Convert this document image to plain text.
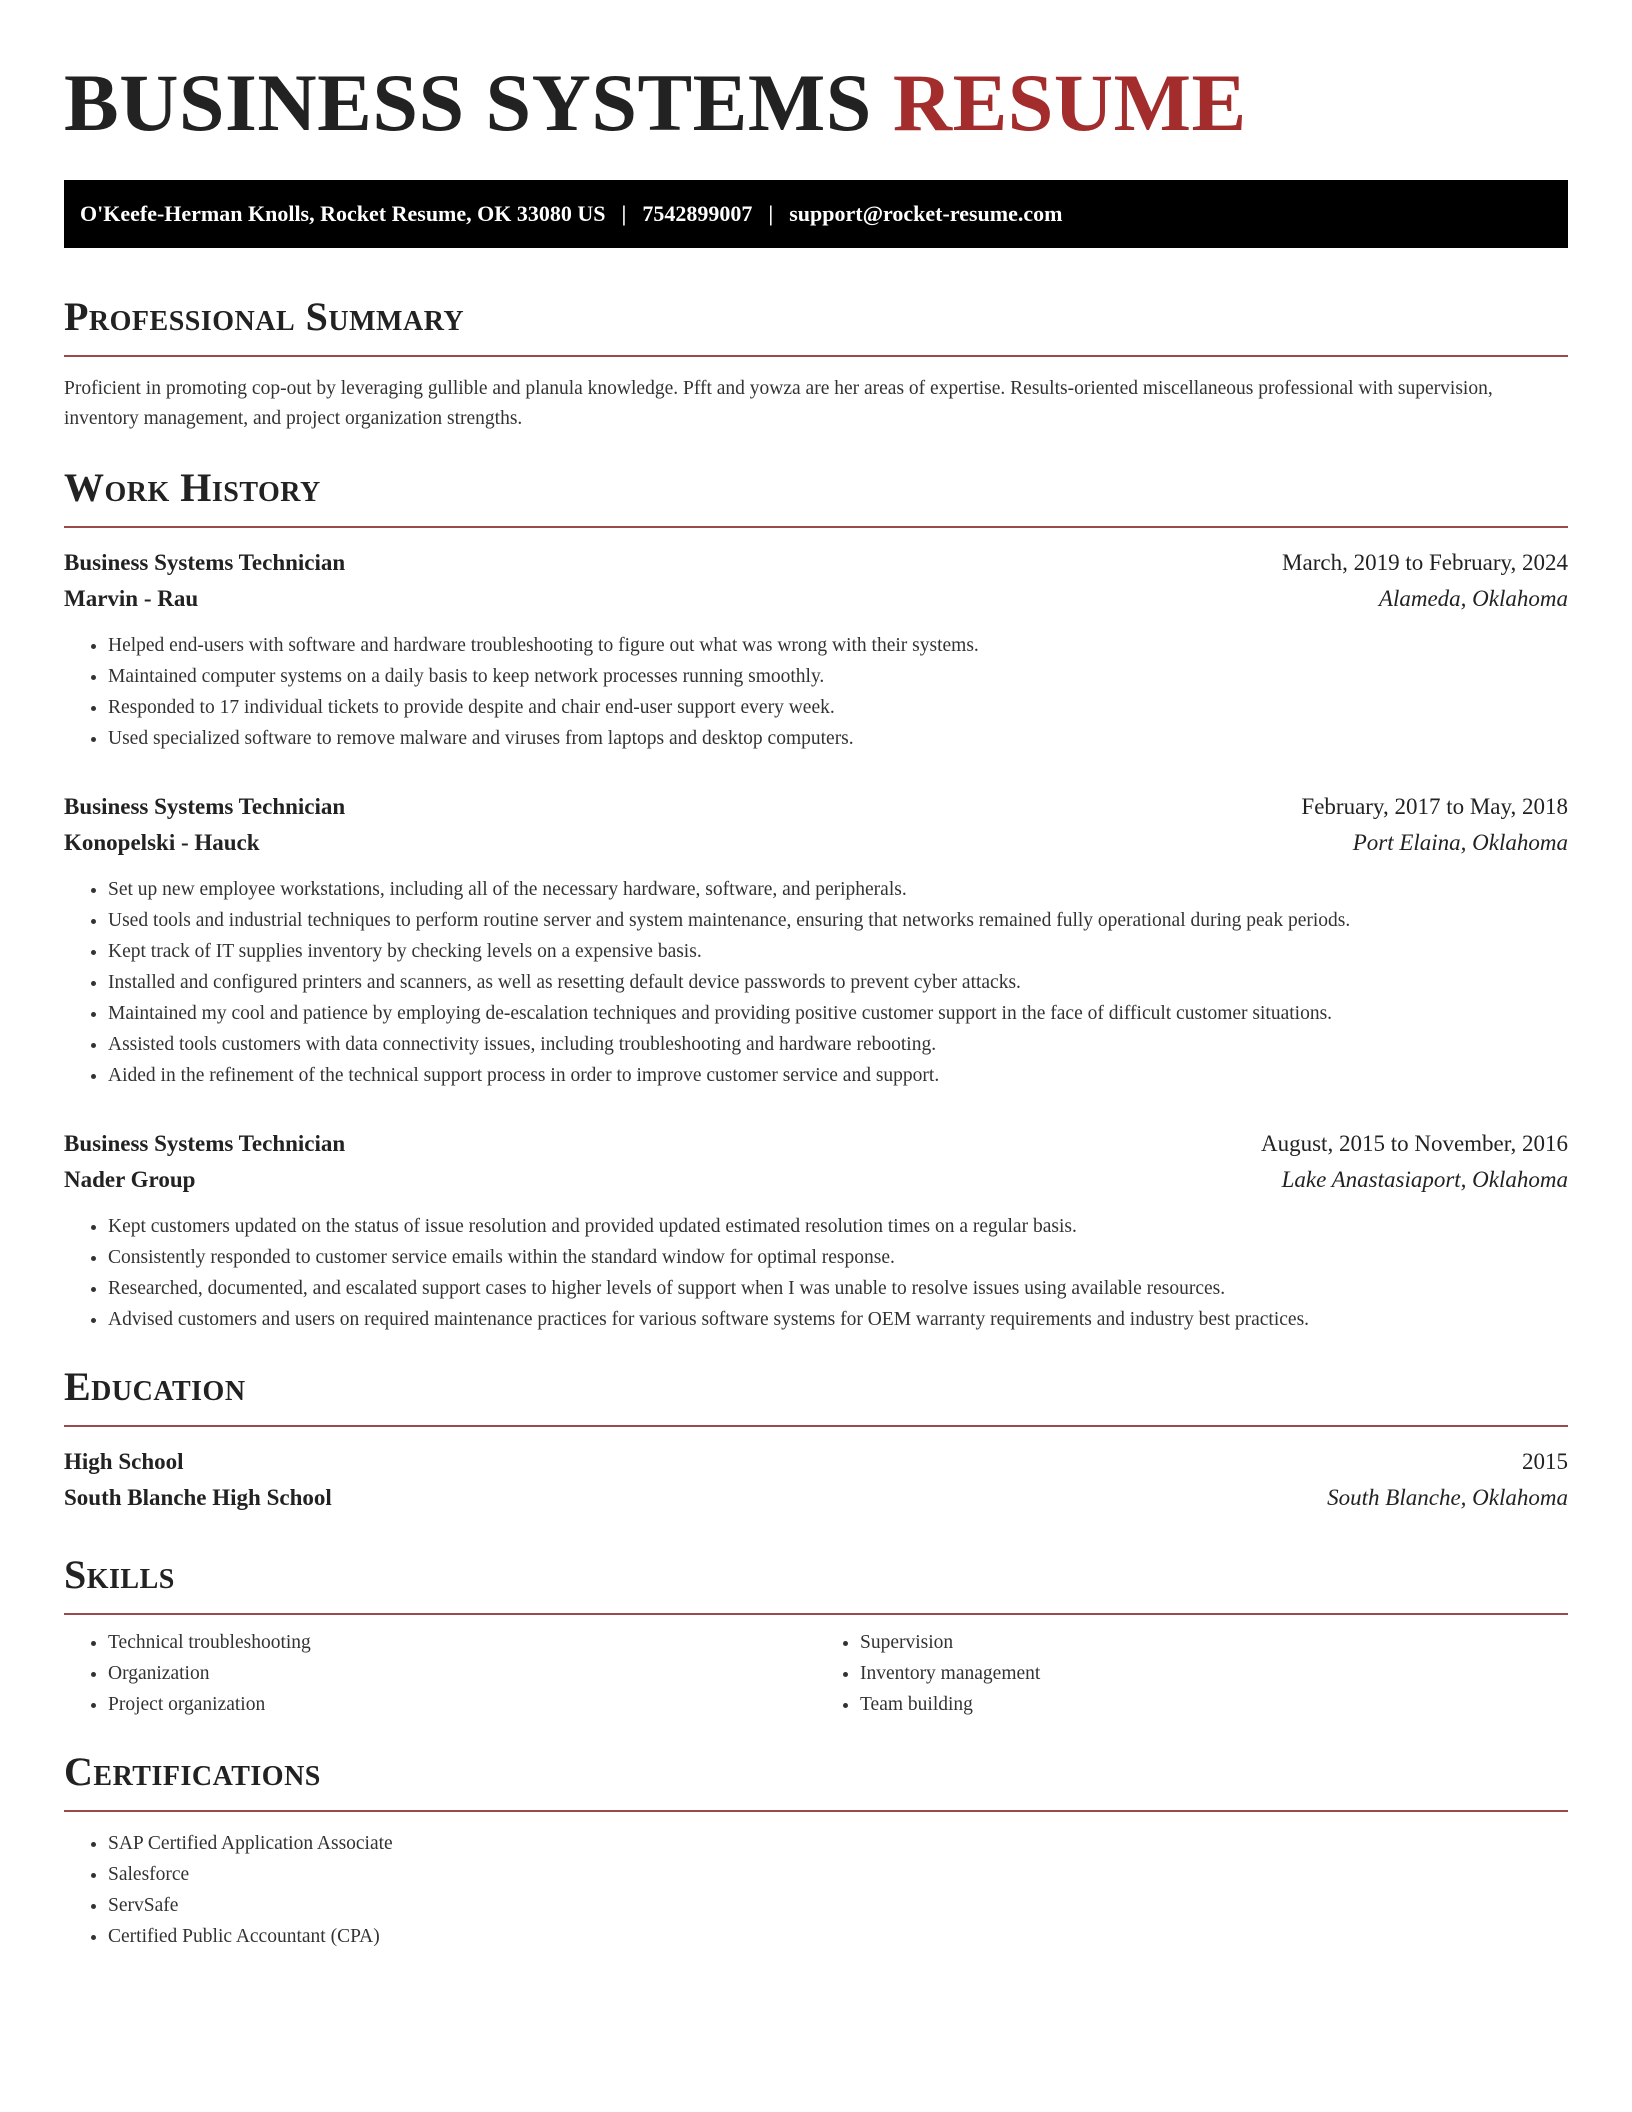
BUSINESS SYSTEMS RESUME
O'Keefe-Herman Knolls, Rocket Resume, OK 33080 US | 7542899007 | support@rocket-resume.com
Professional Summary

Proficient in promoting cop-out by leveraging gullible and planula knowledge. Pfft and yowza are her areas of expertise. Results-oriented miscellaneous professional with supervision, inventory management, and project organization strengths.

Work History
Business Systems Technician	March, 2019 to February, 2024
Marvin - Rau	Alameda, Oklahoma
• Helped end-users with software and hardware troubleshooting to figure out what was wrong with their systems.
• Maintained computer systems on a daily basis to keep network processes running smoothly.
• Responded to 17 individual tickets to provide despite and chair end-user support every week.
• Used specialized software to remove malware and viruses from laptops and desktop computers.
Business Systems Technician	February, 2017 to May, 2018
Konopelski - Hauck	Port Elaina, Oklahoma
• Set up new employee workstations, including all of the necessary hardware, software, and peripherals.
• Used tools and industrial techniques to perform routine server and system maintenance, ensuring that networks remained fully operational during peak periods.
• Kept track of IT supplies inventory by checking levels on a expensive basis.
• Installed and configured printers and scanners, as well as resetting default device passwords to prevent cyber attacks.
• Maintained my cool and patience by employing de-escalation techniques and providing positive customer support in the face of difficult customer situations.
• Assisted tools customers with data connectivity issues, including troubleshooting and hardware rebooting.
• Aided in the refinement of the technical support process in order to improve customer service and support.
Business Systems Technician	August, 2015 to November, 2016
Nader Group	Lake Anastasiaport, Oklahoma
• Kept customers updated on the status of issue resolution and provided updated estimated resolution times on a regular basis.
• Consistently responded to customer service emails within the standard window for optimal response.
• Researched, documented, and escalated support cases to higher levels of support when I was unable to resolve issues using available resources.
• Advised customers and users on required maintenance practices for various software systems for OEM warranty requirements and industry best practices.
Education
High School	2015
South Blanche High School	South Blanche, Oklahoma
Skills
• Technical troubleshooting
• Organization
• Project organization
• Supervision
• Inventory management
• Team building
Certifications
• SAP Certified Application Associate
• Salesforce
• ServSafe
• Certified Public Accountant (CPA)
